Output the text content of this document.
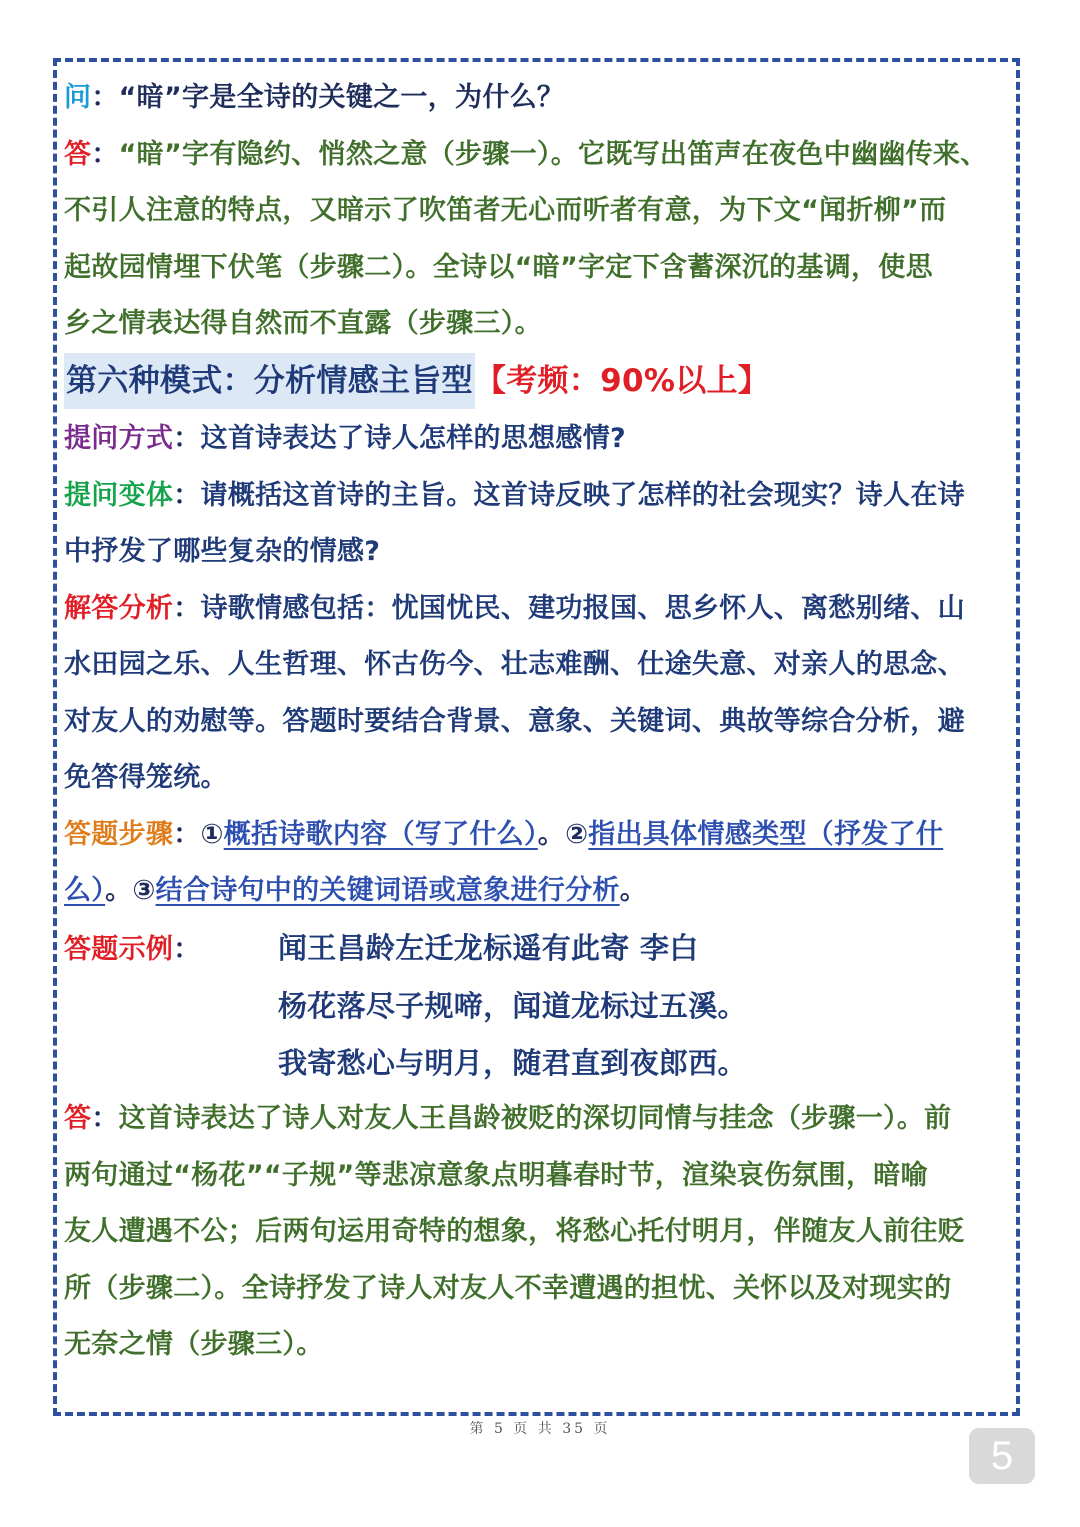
问：“暗”字是全诗的关键之一，为什么？

答：“暗”字有隐约、悄然之意（步骤一）。它既写出笛声在夜色中幽幽传来、

不引人注意的特点，又暗示了吹笛者无心而听者有意，为下文“闻折柳”而

起故园情埋下伏笔（步骤二）。全诗以“暗”字定下含蓄深沉的基调，使思

乡之情表达得自然而不直露（步骤三）。

第六种模式：分析情感主旨型【考频：90%以上】

提问方式：这首诗表达了诗人怎样的思想感情?

提问变体：请概括这首诗的主旨。这首诗反映了怎样的社会现实？诗人在诗

中抒发了哪些复杂的情感?

解答分析：诗歌情感包括：忧国忧民、建功报国、思乡怀人、离愁别绪、山

水田园之乐、人生哲理、怀古伤今、壮志难酬、仕途失意、对亲人的思念、

对友人的劝慰等。答题时要结合背景、意象、关键词、典故等综合分析，避

免答得笼统。

答题步骤：①概括诗歌内容（写了什么）。②指出具体情感类型（抒发了什

么）。③结合诗句中的关键词语或意象进行分析。

答题示例：	闻王昌龄左迁龙标遥有此寄 李白

杨花落尽子规啼，闻道龙标过五溪。

我寄愁心与明月，随君直到夜郎西。

答：这首诗表达了诗人对友人王昌龄被贬的深切同情与挂念（步骤一）。前

两句通过“杨花”“子规”等悲凉意象点明暮春时节，渲染哀伤氛围，暗喻

友人遭遇不公；后两句运用奇特的想象，将愁心托付明月，伴随友人前往贬

所（步骤二）。全诗抒发了诗人对友人不幸遭遇的担忧、关怀以及对现实的

无奈之情（步骤三）。

第 5 页 共 35 页
5
